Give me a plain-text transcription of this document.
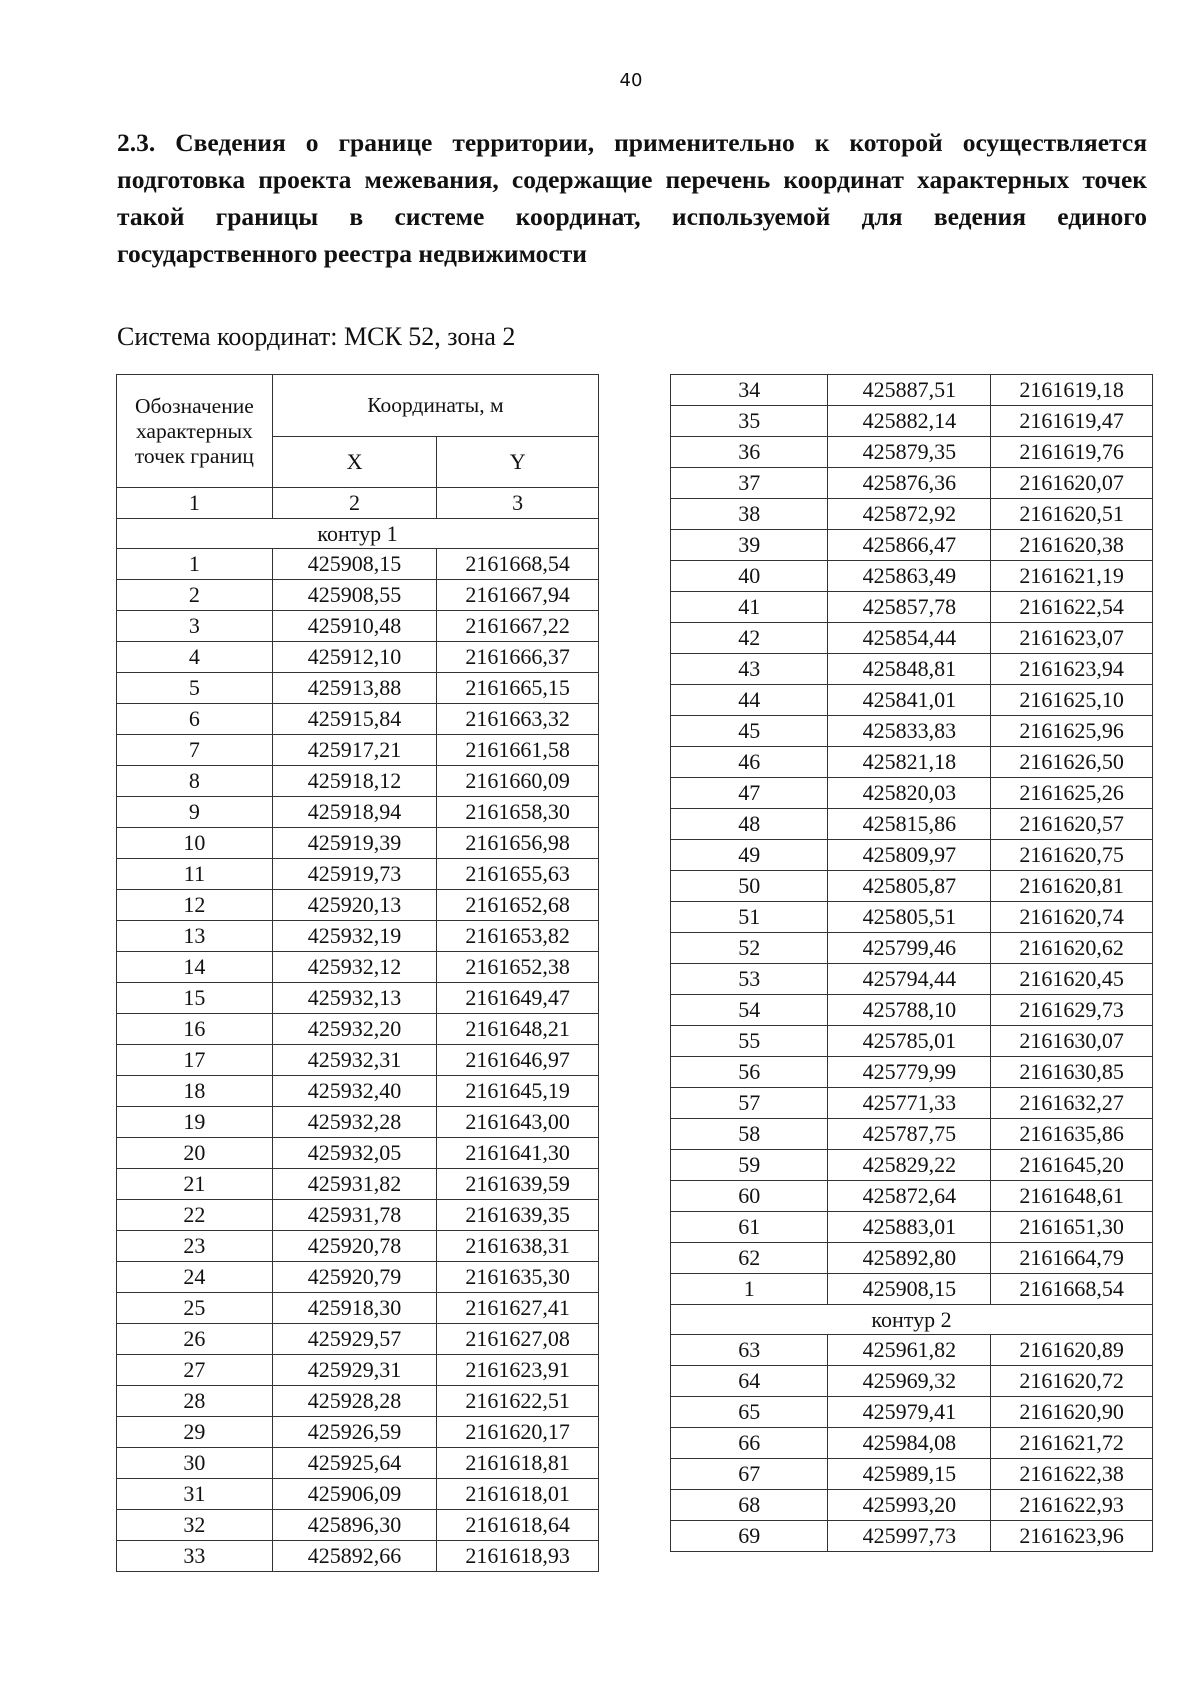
40
2.3. Сведения о границе территории, применительно к которой осуществляется подготовка проекта межевания, содержащие перечень координат характерных точек такой границы в системе координат, используемой для ведения единого государственного реестра недвижимости
Система координат: МСК 52, зона 2
Обозначение характерных точек границ	Координаты, м	
	X	Y
1	2	3
контур 1		
1	425908,15	2161668,54
2	425908,55	2161667,94
3	425910,48	2161667,22
4	425912,10	2161666,37
5	425913,88	2161665,15
6	425915,84	2161663,32
7	425917,21	2161661,58
8	425918,12	2161660,09
9	425918,94	2161658,30
10	425919,39	2161656,98
11	425919,73	2161655,63
12	425920,13	2161652,68
13	425932,19	2161653,82
14	425932,12	2161652,38
15	425932,13	2161649,47
16	425932,20	2161648,21
17	425932,31	2161646,97
18	425932,40	2161645,19
19	425932,28	2161643,00
20	425932,05	2161641,30
21	425931,82	2161639,59
22	425931,78	2161639,35
23	425920,78	2161638,31
24	425920,79	2161635,30
25	425918,30	2161627,41
26	425929,57	2161627,08
27	425929,31	2161623,91
28	425928,28	2161622,51
29	425926,59	2161620,17
30	425925,64	2161618,81
31	425906,09	2161618,01
32	425896,30	2161618,64
33	425892,66	2161618,93
34	425887,51	2161619,18
35	425882,14	2161619,47
36	425879,35	2161619,76
37	425876,36	2161620,07
38	425872,92	2161620,51
39	425866,47	2161620,38
40	425863,49	2161621,19
41	425857,78	2161622,54
42	425854,44	2161623,07
43	425848,81	2161623,94
44	425841,01	2161625,10
45	425833,83	2161625,96
46	425821,18	2161626,50
47	425820,03	2161625,26
48	425815,86	2161620,57
49	425809,97	2161620,75
50	425805,87	2161620,81
51	425805,51	2161620,74
52	425799,46	2161620,62
53	425794,44	2161620,45
54	425788,10	2161629,73
55	425785,01	2161630,07
56	425779,99	2161630,85
57	425771,33	2161632,27
58	425787,75	2161635,86
59	425829,22	2161645,20
60	425872,64	2161648,61
61	425883,01	2161651,30
62	425892,80	2161664,79
1	425908,15	2161668,54
контур 2		
63	425961,82	2161620,89
64	425969,32	2161620,72
65	425979,41	2161620,90
66	425984,08	2161621,72
67	425989,15	2161622,38
68	425993,20	2161622,93
69	425997,73	2161623,96
